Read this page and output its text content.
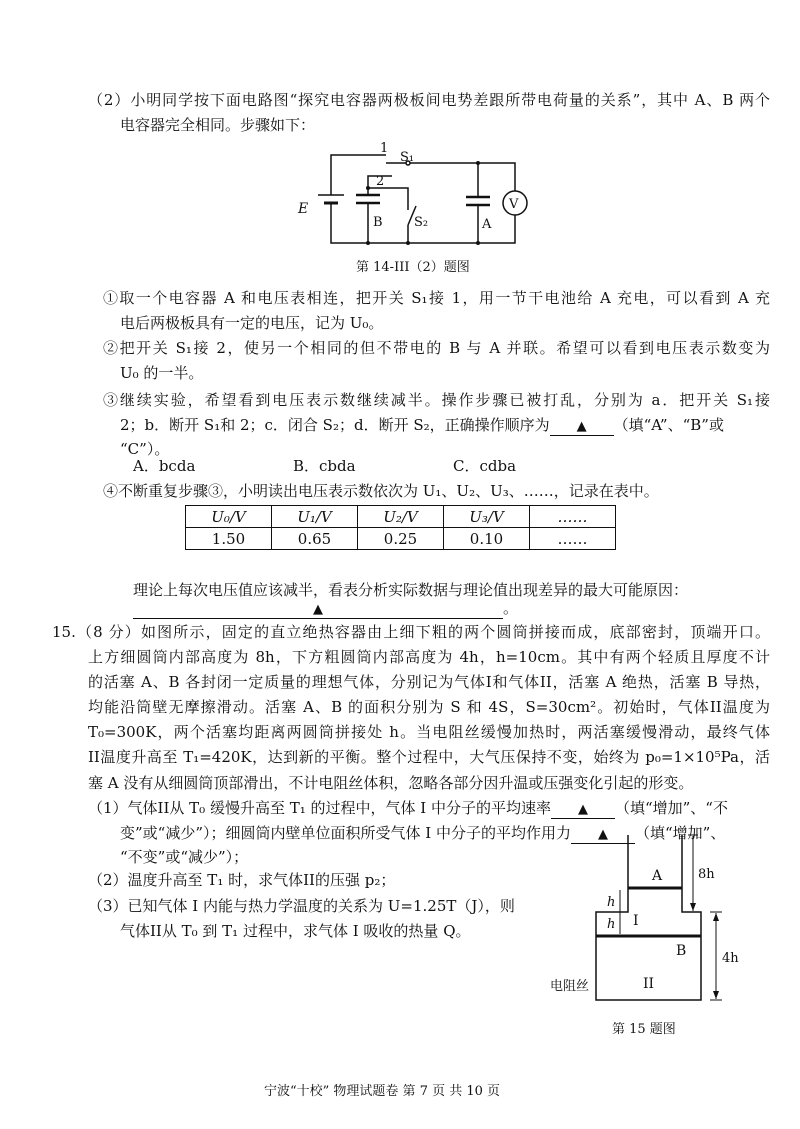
（2）小明同学按下面电路图“探究电容器两极板间电势差跟所带电荷量的关系”，其中 A、B 两个
电容器完全相同。步骤如下：
1
S₁
2
E
B S₂	A
V
A
B
I
II
h
h
8h
4h
电阻丝
第 14-III（2）题图
①取一个电容器 A 和电压表相连，把开关 S₁接 1，用一节干电池给 A 充电，可以看到 A 充
电后两极板具有一定的电压，记为 U₀。
②把开关 S₁接 2，使另一个相同的但不带电的 B 与 A 并联。希望可以看到电压表示数变为
U₀ 的一半。
③继续实验，希望看到电压表示数继续减半。操作步骤已被打乱，分别为 a．把开关 S₁接
2；b．断开 S₁和 2；c．闭合 S₂；d．断开 S₂，正确操作顺序为 ▲ （填“A”、“B”或
“C”）。
A．bcda	B．cbda	C．cdba
④不断重复步骤③，小明读出电压表示数依次为 U₁、U₂、U₃、……，记录在表中。
U₀/V	U₁/V	U₂/V	U₃/V	……
1.50	0.65	0.25	0.10	……
理论上每次电压值应该减半，看表分析实际数据与理论值出现差异的最大可能原因：
▲	。
15.（8 分）如图所示，固定的直立绝热容器由上细下粗的两个圆筒拼接而成，底部密封，顶端开口。
上方细圆筒内部高度为 8h，下方粗圆筒内部高度为 4h，h=10cm。其中有两个轻质且厚度不计
的活塞 A、B 各封闭一定质量的理想气体，分别记为气体I和气体II，活塞 A 绝热，活塞 B 导热，
均能沿筒壁无摩擦滑动。活塞 A、B 的面积分别为 S 和 4S，S=30cm²。初始时，气体II温度为
T₀=300K，两个活塞均距离两圆筒拼接处 h。当电阻丝缓慢加热时，两活塞缓慢滑动，最终气体
II温度升高至 T₁=420K，达到新的平衡。整个过程中，大气压保持不变，始终为 p₀=1×10⁵Pa，活
塞 A 没有从细圆筒顶部滑出，不计电阻丝体积，忽略各部分因升温或压强变化引起的形变。
（1）气体II从 T₀ 缓慢升高至 T₁ 的过程中，气体 I 中分子的平均速率 ▲ （填“增加”、“不
变”或“减少”）；细圆筒内壁单位面积所受气体 I 中分子的平均作用力 ▲ （填“增加”、
“不变”或“减少”）；
（2）温度升高至 T₁ 时，求气体II的压强 p₂；
（3）已知气体 I 内能与热力学温度的关系为 U=1.25T（J），则
气体II从 T₀ 到 T₁ 过程中，求气体 I 吸收的热量 Q。
第 15 题图
宁波“十校” 物理试题卷 第 7 页 共 10 页
